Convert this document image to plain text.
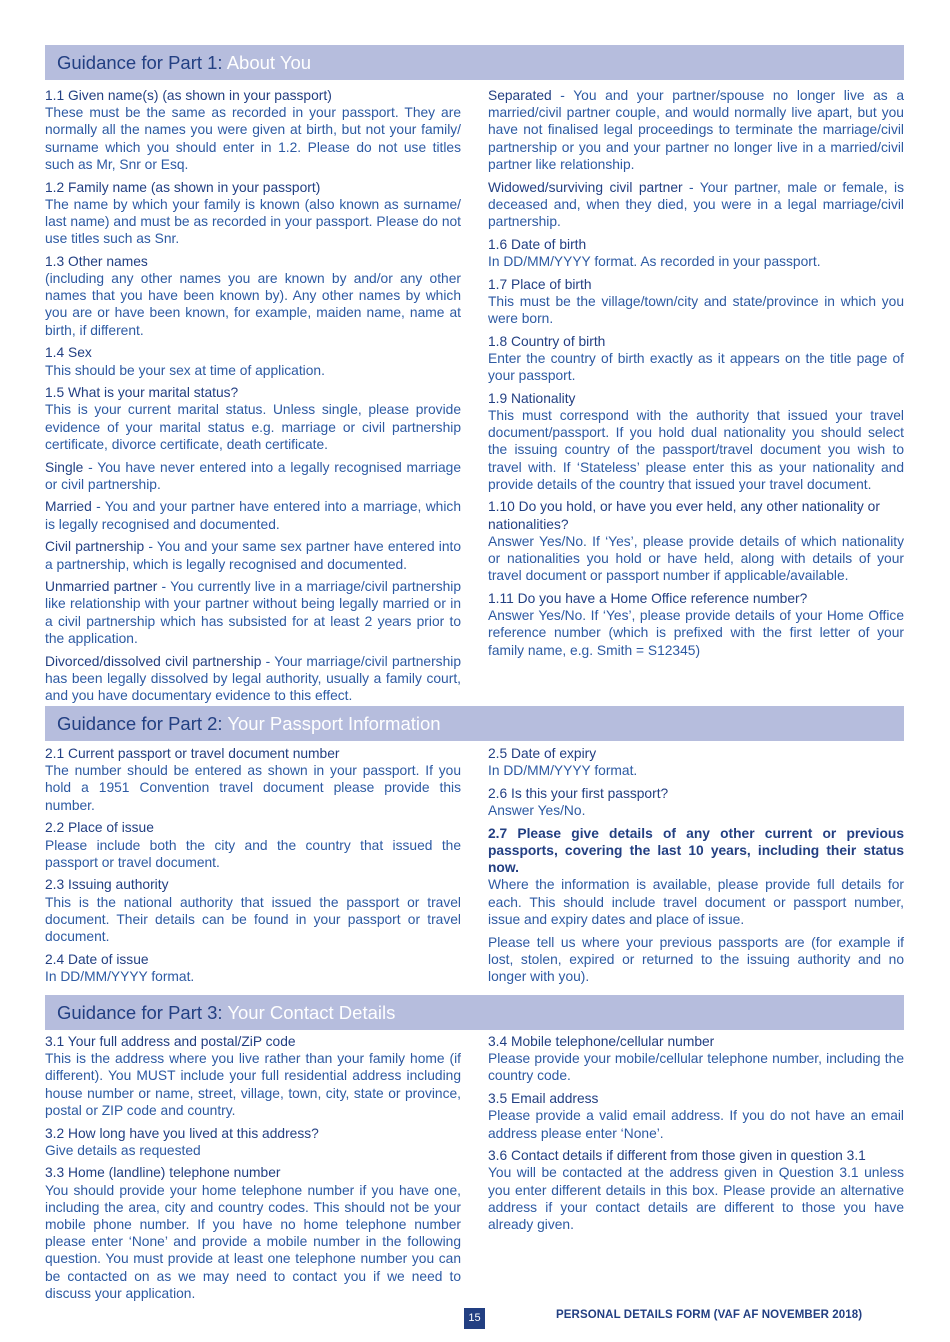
Guidance for Part 1: About You
1.1 Given name(s) (as shown in your passport)
These must be the same as recorded in your passport. They are normally all the names you were given at birth, but not your family/ surname which you should enter in 1.2. Please do not use titles such as Mr, Snr or Esq.
1.2 Family name (as shown in your passport)
The name by which your family is known (also known as surname/ last name) and must be as recorded in your passport. Please do not use titles such as Snr.
1.3 Other names
(including any other names you are known by and/or any other names that you have been known by). Any other names by which you are or have been known, for example, maiden name, name at birth, if different.
1.4 Sex
This should be your sex at time of application.
1.5 What is your marital status?
This is your current marital status. Unless single, please provide evidence of your marital status e.g. marriage or civil partnership certificate, divorce certificate, death certificate.
Single - You have never entered into a legally recognised marriage or civil partnership.
Married - You and your partner have entered into a marriage, which is legally recognised and documented.
Civil partnership - You and your same sex partner have entered into a partnership, which is legally recognised and documented.
Unmarried partner - You currently live in a marriage/civil partnership like relationship with your partner without being legally married or in a civil partnership which has subsisted for at least 2 years prior to the application.
Divorced/dissolved civil partnership - Your marriage/civil partnership has been legally dissolved by legal authority, usually a family court, and you have documentary evidence to this effect.
Separated - You and your partner/spouse no longer live as a married/civil partner couple, and would normally live apart, but you have not finalised legal proceedings to terminate the marriage/civil partnership or you and your partner no longer live in a married/civil partner like relationship.
Widowed/surviving civil partner - Your partner, male or female, is deceased and, when they died, you were in a legal marriage/civil partnership.
1.6 Date of birth
In DD/MM/YYYY format. As recorded in your passport.
1.7 Place of birth
This must be the village/town/city and state/province in which you were born.
1.8 Country of birth
Enter the country of birth exactly as it appears on the title page of your passport.
1.9 Nationality
This must correspond with the authority that issued your travel document/passport. If you hold dual nationality you should select the issuing country of the passport/travel document you wish to travel with. If ‘Stateless’ please enter this as your nationality and provide details of the country that issued your travel document.
1.10 Do you hold, or have you ever held, any other nationality or nationalities?
Answer Yes/No. If ‘Yes’, please provide details of which nationality or nationalities you hold or have held, along with details of your travel document or passport number if applicable/available.
1.11 Do you have a Home Office reference number?
Answer Yes/No. If ‘Yes’, please provide details of your Home Office reference number (which is prefixed with the first letter of your family name, e.g. Smith = S12345)
Guidance for Part 2: Your Passport Information
2.1 Current passport or travel document number
The number should be entered as shown in your passport. If you hold a 1951 Convention travel document please provide this number.
2.2 Place of issue
Please include both the city and the country that issued the passport or travel document.
2.3 Issuing authority
This is the national authority that issued the passport or travel document. Their details can be found in your passport or travel document.
2.4 Date of issue
In DD/MM/YYYY format.
2.5 Date of expiry
In DD/MM/YYYY format.
2.6 Is this your first passport?
Answer Yes/No.
2.7 Please give details of any other current or previous passports, covering the last 10 years, including their status now.
Where the information is available, please provide full details for each. This should include travel document or passport number, issue and expiry dates and place of issue.
Please tell us where your previous passports are (for example if lost, stolen, expired or returned to the issuing authority and no longer with you).
Guidance for Part 3: Your Contact Details
3.1 Your full address and postal/ZiP code
This is the address where you live rather than your family home (if different). You MUST include your full residential address including house number or name, street, village, town, city, state or province, postal or ZIP code and country.
3.2 How long have you lived at this address?
Give details as requested
3.3 Home (landline) telephone number
You should provide your home telephone number if you have one, including the area, city and country codes. This should not be your mobile phone number. If you have no home telephone number please enter ‘None’ and provide a mobile number in the following question. You must provide at least one telephone number you can be contacted on as we may need to contact you if we need to discuss your application.
3.4 Mobile telephone/cellular number
Please provide your mobile/cellular telephone number, including the country code.
3.5 Email address
Please provide a valid email address. If you do not have an email address please enter ‘None’.
3.6 Contact details if different from those given in question 3.1
You will be contacted at the address given in Question 3.1 unless you enter different details in this box. Please provide an alternative address if your contact details are different to those you have already given.
15	PERSONAL DETAILS FORM (VAF AF NOVEMBER 2018)
